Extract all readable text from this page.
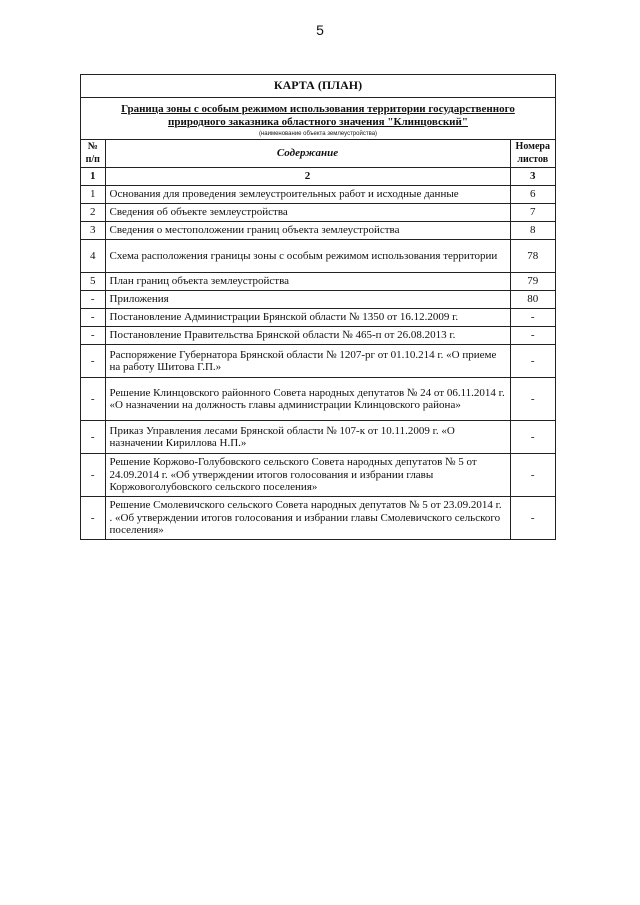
5
КАРТА (ПЛАН)
Граница зоны с особым режимом использования территории государственного
природного заказника областного значения "Клинцовский"
(наименование объекта землеустройства)
№ п/п	Содержание	Номера листов
1	2	3
1	Основания для проведения землеустроительных работ и исходные данные	6
2	Сведения об объекте землеустройства	7
3	Сведения о местоположении границ объекта землеустройства	8
4	Схема расположения границы зоны с особым режимом использования территории	78
5	План границ объекта землеустройства	79
-	Приложения	80
-	Постановление Администрации Брянской области № 1350 от 16.12.2009 г.	-
-	Постановление Правительства Брянской области № 465-п от 26.08.2013 г.	-
-	Распоряжение Губернатора Брянской области № 1207-рг от 01.10.214 г. «О приеме на работу Шитова Г.П.»	-
-	Решение Клинцовского районного Совета народных депутатов № 24 от 06.11.2014 г. «О назначении на должность главы администрации Клинцовского района»	-
-	Приказ Управления лесами Брянской области № 107-к от 10.11.2009 г. «О назначении Кириллова Н.П.»	-
-	Решение Коржово-Голубовского сельского Совета народных депутатов № 5 от 24.09.2014 г. «Об утверждении итогов голосования и избрании главы Коржовоголубовского сельского поселения»	-
-	Решение Смолевичского сельского Совета народных депутатов № 5 от 23.09.2014 г. . «Об утверждении итогов голосования и избрании главы Смолевичского сельского поселения»	-
